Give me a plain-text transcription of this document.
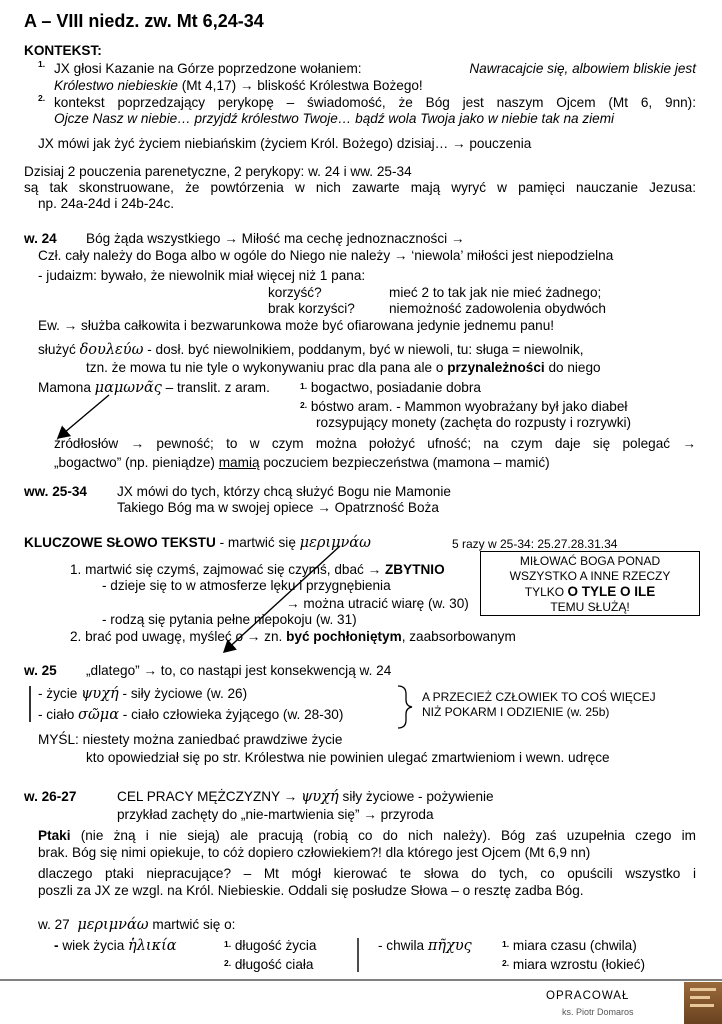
A – VIII niedz. zw. Mt 6,24-34
KONTEKST:
$^{1.}$ JX głosi Kazanie na Górze poprzedzone wołaniem:	Nawracajcie się, albowiem bliskie jest
Królestwo niebieskie (Mt 4,17) → bliskość Królestwa Bożego!
$^{2.}$ kontekst poprzedzający perykopę – świadomość, że Bóg jest naszym Ojcem (Mt 6, 9nn):
Ojcze Nasz w niebie… przyjdź królestwo Twoje… bądź wola Twoja jako w niebie tak na ziemi
JX mówi jak żyć życiem niebiańskim (życiem Król. Bożego) dzisiaj… → pouczenia
Dzisiaj 2 pouczenia parenetyczne, 2 perykopy: w. 24 i ww. 25-34
są tak skonstruowane, że powtórzenia w nich zawarte mają wyryć w pamięci nauczanie Jezusa:
np. 24a-24d i 24b-24c.
w. 24 Bóg żąda wszystkiego → Miłość ma cechę jednoznaczności →
Czł. cały należy do Boga albo w ogóle do Niego nie należy → ‘niewola’ miłości jest niepodzielna
- judaizm: bywało, że niewolnik miał więcej niż 1 pana:
korzyść?	mieć 2 to tak jak nie mieć żadnego;
brak korzyści?	niemożność zadowolenia obydwóch
Ew. → służba całkowita i bezwarunkowa może być ofiarowana jedynie jednemu panu!
służyć δουλεύω - dosł. być niewolnikiem, poddanym, być w niewoli, tu: sługa = niewolnik,
tzn. że mowa tu nie tyle o wykonywaniu prac dla pana ale o przynależności do niego
Mamona μαμωνᾶς – translit. z aram.	$^{1.}$ bogactwo, posiadanie dobra
$^{2.}$ bóstwo aram. - Mammon wyobrażany był jako diabeł
rozsypujący monety (zachęta do rozpusty i rozrywki)
źródłosłów → pewność; to w czym można położyć ufność; na czym daje się polegać →
„bogactwo” (np. pieniądze) mamią poczuciem bezpieczeństwa (mamona – mamić)
ww. 25-34 JX mówi do tych, którzy chcą służyć Bogu nie Mamonie
Takiego Bóg ma w swojej opiece → Opatrzność Boża
KLUCZOWE SŁOWO TEKSTU - martwić się μεριμνάω	5 razy w 25-34: 25.27.28.31.34
1. martwić się czymś, zajmować się czymś, dbać → ZBYTNIO
- dzieje się to w atmosferze lęku i przygnębienia
→ można utracić wiarę (w. 30)
- rodzą się pytania pełne niepokoju (w. 31)
2. brać pod uwagę, myśleć o → zn. być pochłoniętym, zaabsorbowanym
MIŁOWAĆ BOGA PONAD
WSZYSTKO A INNE RZECZY
TYLKO O TYLE O ILE
TEMU SŁUŻĄ!
w. 25 „dlatego” → to, co nastąpi jest konsekwencją w. 24
- życie ψυχή - siły życiowe (w. 26)
- ciało σῶμα - ciało człowieka żyjącego (w. 28-30)
A PRZECIEŻ CZŁOWIEK TO COŚ WIĘCEJ
NIŻ POKARM I ODZIENIE (w. 25b)
MYŚL: niestety można zaniedbać prawdziwe życie
kto opowiedział się po str. Królestwa nie powinien ulegać zmartwieniom i wewn. udręce
w. 26-27	CEL PRACY MĘŻCZYZNY → ψυχή siły życiowe - pożywienie
przykład zachęty do „nie-martwienia się” → przyroda
Ptaki (nie żną i nie sieją) ale pracują (robią co do nich należy). Bóg zaś uzupełnia czego im
brak. Bóg się nimi opiekuje, to cóż dopiero człowiekiem?! dla którego jest Ojcem (Mt 6,9 nn)
dlaczego ptaki niepracujące? – Mt mógł kierować te słowa do tych, co opuścili wszystko i
poszli za JX ze wzgl. na Król. Niebieskie. Oddali się posłudze Słowa – o resztę zadba Bóg.
w. 27 μεριμνάω martwić się o:
- wiek życia ἡλικία	$^{1.}$ długość życia
$^{2.}$ długość ciała
- chwila πῆχυς	$^{1.}$ miara czasu (chwila)
$^{2.}$ miara wzrostu (łokieć)
OPRACOWAŁ
ks. Piotr Domaros
